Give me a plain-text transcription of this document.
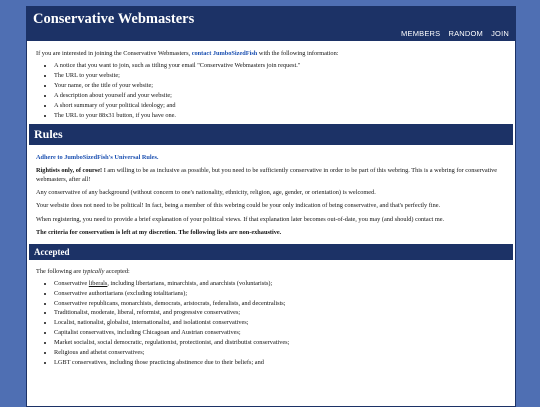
Conservative Webmasters
MEMBERS RANDOM JOIN

If you are interested in joining the Conservative Webmasters, contact JumboSizedFish with the following information:

• A notice that you want to join, such as titling your email "Conservative Webmasters join request."
• The URL to your website;
• Your name, or the title of your website;
• A description about yourself and your website;
• A short summary of your political ideology; and
• The URL to your 88x31 button, if you have one.
Rules

Adhere to JumboSizedFish's Universal Rules.

Rightists only, of course! I am willing to be as inclusive as possible, but you need to be sufficiently conservative in order to be part of this webring. This is a webring for conservative webmasters, after all!

Any conservative of any background (without concern to one's nationality, ethnicity, religion, age, gender, or orientation) is welcomed.

Your website does not need to be political! In fact, being a member of this webring could be your only indication of being conservative, and that's perfectly fine.

When registering, you need to provide a brief explanation of your political views. If that explanation later becomes out-of-date, you may (and should) contact me.

The criteria for conservatism is left at my discretion. The following lists are non-exhaustive.

Accepted

The following are typically accepted:

• Conservative liberals, including libertarians, minarchists, and anarchists (voluntarists);
• Conservative authoritarians (excluding totalitarians);
• Conservative republicans, monarchists, democrats, aristocrats, federalists, and decentralists;
• Traditionalist, moderate, liberal, reformist, and progressive conservatives;
• Localist, nationalist, globalist, internationalist, and isolationist conservatives;
• Capitalist conservatives, including Chicagoan and Austrian conservatives;
• Market socialist, social democratic, regulationist, protectionist, and distributist conservatives;
• Religious and atheist conservatives;
• LGBT conservatives, including those practicing abstinence due to their beliefs; and
